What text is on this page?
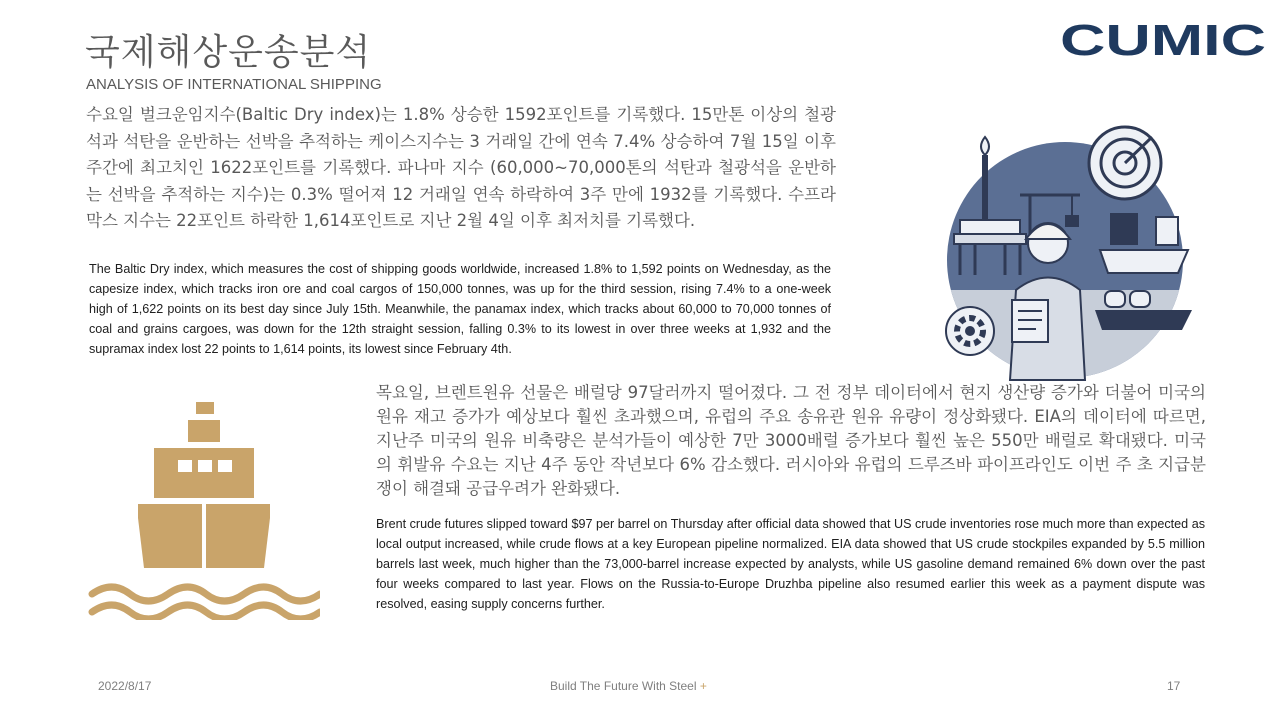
국제해상운송분석
ANALYSIS OF INTERNATIONAL SHIPPING
CUMIC
수요일 벌크운임지수(Baltic Dry index)는 1.8% 상승한 1592포인트를 기록했다. 15만톤 이상의 철광석과 석탄을 운반하는 선박을 추적하는 케이스지수는 3 거래일 간에 연속 7.4% 상승하여 7월 15일 이후 주간에 최고치인 1622포인트를 기록했다. 파나마 지수 (60,000~70,000톤의 석탄과 철광석을 운반하는 선박을 추적하는 지수)는 0.3% 떨어져 12 거래일 연속 하락하여 3주 만에 1932를 기록했다. 수프라막스 지수는 22포인트 하락한 1,614포인트로 지난 2월 4일 이후 최저치를 기록했다.
The Baltic Dry index, which measures the cost of shipping goods worldwide, increased 1.8% to 1,592 points on Wednesday, as the capesize index, which tracks iron ore and coal cargos of 150,000 tonnes, was up for the third session, rising 7.4% to a one-week high of 1,622 points on its best day since July 15th. Meanwhile, the panamax index, which tracks about 60,000 to 70,000 tonnes of coal and grains cargoes, was down for the 12th straight session, falling 0.3% to its lowest in over three weeks at 1,932 and the supramax index lost 22 points to 1,614 points, its lowest since February 4th.
목요일, 브렌트원유 선물은 배럴당 97달러까지 떨어졌다. 그 전 정부 데이터에서 현지 생산량 증가와 더불어 미국의 원유 재고 증가가 예상보다 훨씬 초과했으며, 유럽의 주요 송유관 원유 유량이 정상화됐다. EIA의 데이터에 따르면, 지난주 미국의 원유 비축량은 분석가들이 예상한 7만 3000배럴 증가보다 훨씬 높은 550만 배럴로 확대됐다. 미국의 휘발유 수요는 지난 4주 동안 작년보다 6% 감소했다. 러시아와 유럽의 드루즈바 파이프라인도 이번 주 초 지급분쟁이 해결돼 공급우려가 완화됐다.
Brent crude futures slipped toward $97 per barrel on Thursday after official data showed that US crude inventories rose much more than expected as local output increased, while crude flows at a key European pipeline normalized. EIA data showed that US crude stockpiles expanded by 5.5 million barrels last week, much higher than the 73,000-barrel increase expected by analysts, while US gasoline demand remained 6% down over the past four weeks compared to last year. Flows on the Russia-to-Europe Druzhba pipeline also resumed earlier this week as a payment dispute was resolved, easing supply concerns further.
2022/8/17	Build The Future With Steel +	17
